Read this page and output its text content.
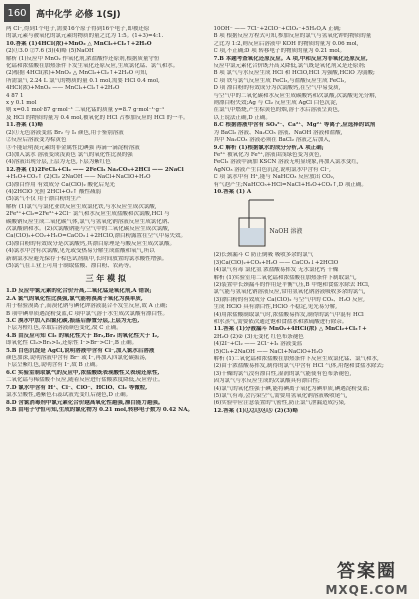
160	高中化学 必修 1(SJ)

两 Cl⁻,得到1个电子,需要16个原子得到16个电子,即被还原

的氯元素与被氧化的氯元素的物质的量之比为 1:5。(1+3)=4:1.

10.答案 (1)4HCl(浓)+MnO₂ △ MnCl₂+Cl₂↑+2H₂O

(2)①3.0 ②7.6 (3)(4)略 (5)NaOH

解析 (1)反应中 MnO₂ 作氧化剂,浓盐酸作还原剂,根据质量守恒

化锰和浓盐酸在加热条件下发生氧化还原反应,生成氯化锰、氯气和水。

(2)根据 4HCl(浓)+MnO₂ △ MnCl₂+Cl₂↑+2H₂O 可知,

所需氯气 2.24 L 氯气的物质的量 0.1 mol,需要 HCl 0.4 mol,

4HCl(浓)+MnO₂ —— MnCl₂+Cl₂↑+2H₂O

4 87 1

x y 0.1 mol

则 x=0.1 mol·87 g·mol⁻¹ 二氧化锰的质量 y=8.7 g·mol⁻¹·g⁻¹

及 HCl 的物质的量为 0.4 mol,被氧化的 HCl 占参加反应的 HCl 的一半。

11.答案 (1)略

(2)①无色溶液变蓝 Br₂ 与 I₂ 颜色,用于鉴别溶液

②反应后溶液变为棕黄色

③不能证明溴元素的非金属性比碘强 再滴一滴淀粉溶液

(3)加入氯水 溶液变成浅黄色 氯气的氧化性比溴的强

(4)溶液出现分层,上层为无色,下层为紫红色

12.答案 (1)2FeCl₂+Cl₂ —— 2FeCl₃ Na₂CO₃+2HCl —— 2NaCl

+H₂O+CO₂↑ (2)Cl₂ 2NaOH —— NaCl+NaClO+H₂O

(3)漂白作用 有效成分 Ca(ClO)₂ 酸化后见光

(4)2HClO 光照 2HCl+O₂↑ 酸性减弱

(5)氯气不仅 用于漂白粉的生产

解析 (1)氯气与氯化亚铁反应生成氯化铁,与水反应生成次氯酸,

2Fe²⁺+Cl₂=2Fe³⁺+2Cl⁻ 氯气和水反应生成盐酸和次氯酸,HCl 与

碳酸钠反应生成二氧化碳气体,氯气与氢氧化钠溶液反应生成氯化钠、

次氯酸钠和水。(2)次氯酸钠能与空气中的二氧化碳反应生成次氯酸,

Ca(ClO)₂+CO₂+H₂O=CaCO₃↓+2HClO,漂白粉露置在空气中易失效。

(3)漂白粉的有效成分是次氯酸钙,其漂白原理是与酸反应生成次氯酸。

(4)氯水中含有次氯酸,见光或受热易分解生成盐酸和氧气,所以

新制氯水应避光保存于棕色试剂瓶中,长时间放置的氯水酸性增强。

(5)氯气在工业上可用于制取盐酸、漂白粉、农药等。

三 年 模 拟

1.D 反应中氯元素的化合价升高,二氧化锰是氧化剂,A 错误;

2.A 氯气的氧化性比溴强,氯气能将溴离子氧化为溴单质,

用于检验溴离子,而溴化钠与碘化钾溶液混合不发生反应,故 A 正确;

B 项中碘单质遇淀粉变蓝,C 项中氯气溶于水生成次氯酸有漂白性。

3.C 溴水中加入四氯化碳,振荡后静置分层,上层为无色,

下层为橙红色,萃取后溶液颜色变化,故 C 正确。

4.B 由反应可知 Cl₂ 的氧化性大于 Br₂,Br₂ 的氧化性大于 I₂,

即氧化性 Cl₂>Br₂>I₂,还原性 I⁻>Br⁻>Cl⁻,B 正确。

5.B 白色沉淀是 AgCl,说明溶液中含有 Cl⁻,加入氯水后溶液

颜色加深,说明溶液中含有 Br⁻ 或 I⁻,再加入四氯化碳振荡,

下层呈紫红色,说明含有 I⁻,故 B 正确。

6.C 实验室制取氯气的反应中,浓盐酸既表现酸性又表现还原性,

二氧化锰与稀盐酸不反应,随着反应进行盐酸浓度降低,反应停止。

7.D 氯水中含有 H⁺、Cl⁻、ClO⁻、HClO、Cl₂ 等微粒,

氯水呈酸性,遇紫色石蕊试液先变红后褪色,D 正确。

8.D 含氯消毒剂中氯元素化合价越高氧化性越强,漂白能力越强。

9.B 由电子守恒可知,生成的氯化物为 0.21 mol,转移电子数为 0.42 NA。

10OH⁻ —— 7Cl⁻+2ClO⁻+ClO₃⁻+5H₂O,A 正确;

B 项 根据反应方程式可知,参加反应的氯气与氢氧化钾的物质的量

之比为 1:2,则反应后溶液中 KOH 的物质的量为 0.06 mol,

C 项,不正确;D 项 转移电子的物质的量为 0.21 mol。

7.B 本题考查氧化还原反应。A 项,中和反应为非氧化还原反应,

反应中氯元素化合价既升高又降低,氯气既是氧化剂又是还原剂;

B 项 氯气与水反应生成 HCl 和 HClO,HCl 为强酸,HClO 为弱酸;

C 项 铁与氯气反应生成 FeCl₃,与盐酸反应生成 FeCl₂,

D 项 漂白粉的有效成分为次氯酸钙,在空气中易变质,

与空气中的二氧化碳和水反应生成碳酸钙和次氯酸,次氯酸见光分解,

则漂白粉失效;Ag 与 Cl₂ 反应生成 AgCl 白色沉淀,

在氯气中燃烧,产生棕黄色的烟,溶于水后溶液呈黄色,

以上说法正确,D 正确。

8.C 根据溶液中含有 SO₄²⁻、Ca²⁺、Mg²⁺ 等离子,应选择的试剂

为 BaCl₂ 溶液、Na₂CO₃ 溶液、NaOH 溶液和盐酸,

其中 Na₂CO₃ 溶液必须在 BaCl₂ 溶液之后加入,

9.C 解析 (1)根据氯水的成分分析,A 项正确;

Fe²⁺ 被氧化为 Fe³⁺,溶液由浅绿色变为黄色,

FeCl₂ 溶液中滴加 KSCN 溶液无明显现象,再加入氯水变红,

AgNO₃ 溶液产生白色沉淀,说明氯水中含有 Cl⁻,

C 项 氯水中有 H⁺,能与 NaHCO₃ 反应放出 CO₂,

有气泡产生;NaHCO₃+HCl=NaCl+H₂O+CO₂↑,D 项正确。

10.答案 (1) A

NaOH 溶液

(2)长颈漏斗 C 防止倒吸 吸收多余的氯气

(3)Ca(ClO)₂+CO₂+H₂O —— CaCO₃↓+2HClO

(4)氯气有毒 氯化氢 浓盐酸易挥发 无水氯化钙 干燥

解析 (1)实验室用二氧化锰和浓盐酸在加热条件下制取氯气,

(2)装置中长颈漏斗的作用是平衡气压,B 中饱和食盐水除去 HCl,

氯气能与氢氧化钠溶液反应,常用氢氧化钠溶液吸收多余的氯气,

(3)漂白粉的有效成分 Ca(ClO)₂ 与空气中的 CO₂、H₂O 反应,

生成 HClO 具有漂白性,HClO 不稳定,见光易分解,

(4)用浓盐酸制取氯气时,浓盐酸易挥发,制得的氯气中混有 HCl

和水蒸气,需要依次通过饱和食盐水和浓硫酸进行除杂。

11.答案 (1)分液漏斗 MnO₂+4HCl(浓) △ MnCl₂+Cl₂↑+

2H₂O (2)② (3)无变化 红色布条褪色

(4)2I⁻+Cl₂ —— 2Cl⁻+I₂ 溶液变蓝

(5)Cl₂+2NaOH —— NaCl+NaClO+H₂O

解析 (1)二氧化锰和浓盐酸在加热条件下反应生成氯化锰、氯气和水,

(2)由于浓盐酸易挥发,制得的氯气中含有 HCl 气体,用饱和食盐水除去;

(3)干燥的氯气没有漂白性,湿润的氯气能使有色布条褪色,

因为氯气与水反应生成的次氯酸具有漂白性;

(4)氯气的氧化性强于碘,能将碘离子氧化为碘单质,碘遇淀粉变蓝;

(5)氯气有毒,会污染空气,需要用氢氧化钠溶液吸收尾气,

(6)实验中应注意装置的气密性,防止氯气泄漏造成污染,

12.答案 (1)①②③④⑤ (2)(3)略

答案圈
MXQE.COM
